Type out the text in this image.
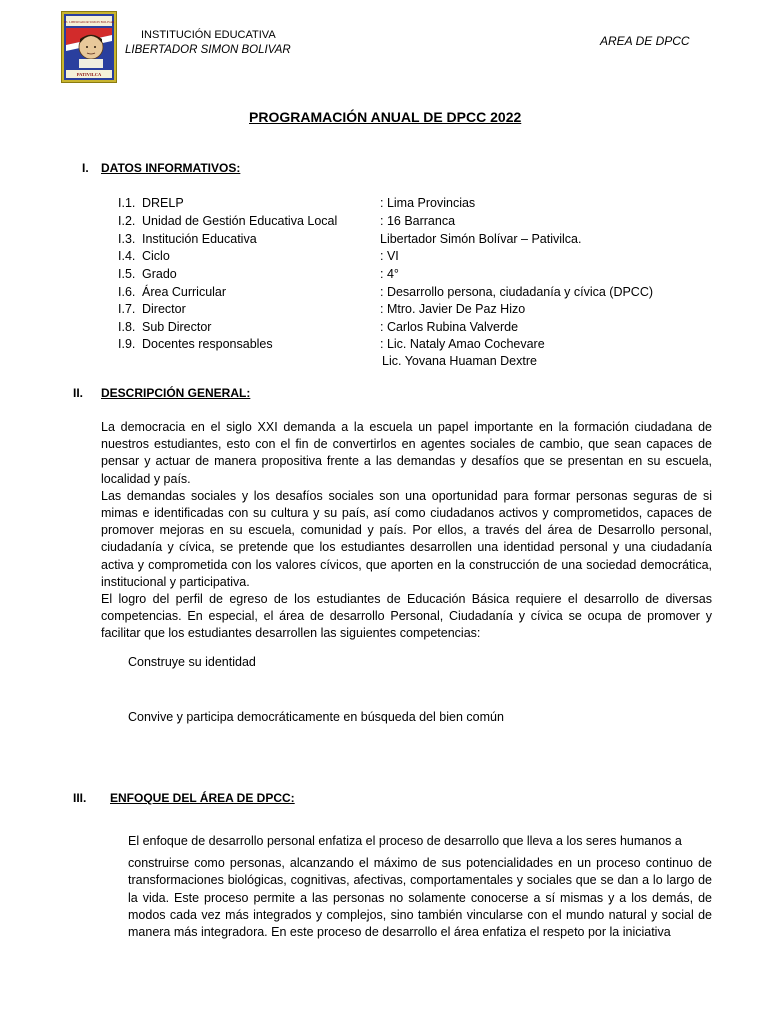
I.E. LIBERTADOR SIMON BOLIVAR
PATIVILCA
INSTITUCIÓN EDUCATIVA
LIBERTADOR SIMON BOLIVAR
AREA DE DPCC
PROGRAMACIÓN ANUAL DE DPCC 2022
I. DATOS INFORMATIVOS:
I.1. DRELP	: Lima Provincias
I.2. Unidad de Gestión Educativa Local	: 16 Barranca
I.3. Institución Educativa	Libertador Simón Bolívar – Pativilca.
I.4. Ciclo	: VI
I.5. Grado	: 4°
I.6. Área Curricular	: Desarrollo persona, ciudadanía y cívica (DPCC)
I.7. Director	: Mtro. Javier De Paz Hizo
I.8. Sub Director	: Carlos Rubina Valverde
I.9. Docentes responsables	: Lic. Nataly Amao Cochevare
Lic. Yovana Huaman Dextre
II. DESCRIPCIÓN GENERAL:
La democracia en el siglo XXI demanda a la escuela un papel importante en la formación ciudadana de nuestros estudiantes, esto con el fin de convertirlos en agentes sociales de cambio, que sean capaces de pensar y actuar de manera propositiva frente a las demandas y desafíos que se presentan en su escuela, localidad y país.
Las demandas sociales y los desafíos sociales son una oportunidad para formar personas seguras de si mimas e identificadas con su cultura y su país, así como ciudadanos activos y comprometidos, capaces de promover mejoras en su escuela, comunidad y país. Por ellos, a través del área de Desarrollo personal, ciudadanía y cívica, se pretende que los estudiantes desarrollen una identidad personal y una ciudadanía activa y comprometida con los valores cívicos, que aporten en la construcción de una sociedad democrática, institucional y participativa.
El logro del perfil de egreso de los estudiantes de Educación Básica requiere el desarrollo de diversas competencias. En especial, el área de desarrollo Personal, Ciudadanía y cívica se ocupa de promover y facilitar que los estudiantes desarrollen las siguientes competencias:
Construye su identidad
Convive y participa democráticamente en búsqueda del bien común
III. ENFOQUE DEL ÁREA DE DPCC:
El enfoque de desarrollo personal enfatiza el proceso de desarrollo que lleva a los seres humanos a
construirse como personas, alcanzando el máximo de sus potencialidades en un proceso continuo de transformaciones biológicas, cognitivas, afectivas, comportamentales y sociales que se dan a lo largo de la vida. Este proceso permite a las personas no solamente conocerse a sí mismas y a los demás, de modos cada vez más integrados y complejos, sino también vincularse con el mundo natural y social de manera más integradora. En este proceso de desarrollo el área enfatiza el respeto por la iniciativa
